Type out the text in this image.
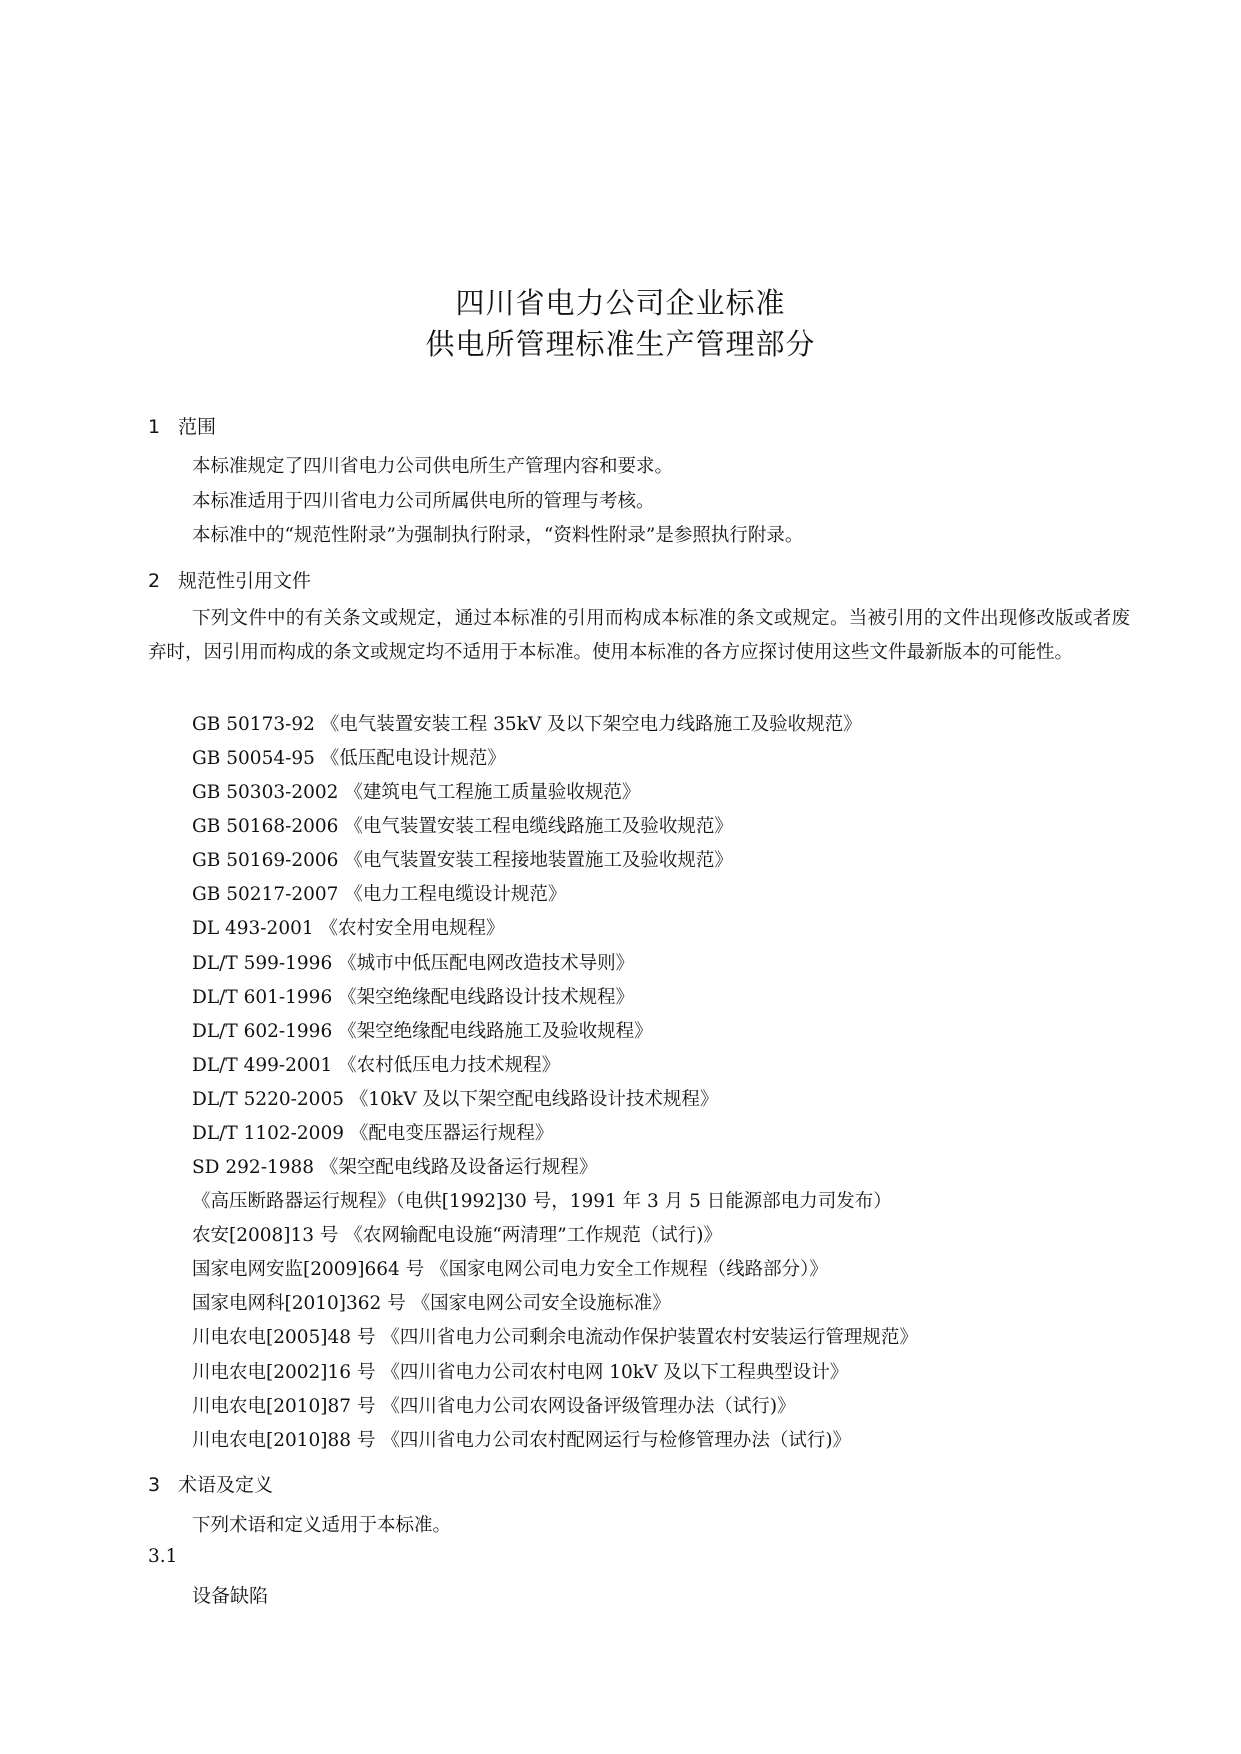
四川省电力公司企业标准
供电所管理标准生产管理部分
1 范围
本标准规定了四川省电力公司供电所生产管理内容和要求。
本标准适用于四川省电力公司所属供电所的管理与考核。
本标准中的“规范性附录”为强制执行附录，“资料性附录”是参照执行附录。
2 规范性引用文件
下列文件中的有关条文或规定，通过本标准的引用而构成本标准的条文或规定。当被引用的文件出现修改版或者废弃时，因引用而构成的条文或规定均不适用于本标准。使用本标准的各方应探讨使用这些文件最新版本的可能性。
GB 50173-92 《电气装置安装工程 35kV 及以下架空电力线路施工及验收规范》
GB 50054-95 《低压配电设计规范》
GB 50303-2002 《建筑电气工程施工质量验收规范》
GB 50168-2006 《电气装置安装工程电缆线路施工及验收规范》
GB 50169-2006 《电气装置安装工程接地装置施工及验收规范》
GB 50217-2007 《电力工程电缆设计规范》
DL 493-2001 《农村安全用电规程》
DL/T 599-1996 《城市中低压配电网改造技术导则》
DL/T 601-1996 《架空绝缘配电线路设计技术规程》
DL/T 602-1996 《架空绝缘配电线路施工及验收规程》
DL/T 499-2001 《农村低压电力技术规程》
DL/T 5220-2005 《10kV 及以下架空配电线路设计技术规程》
DL/T 1102-2009 《配电变压器运行规程》
SD 292-1988 《架空配电线路及设备运行规程》
《高压断路器运行规程》（电供[1992]30 号，1991 年 3 月 5 日能源部电力司发布）
农安[2008]13 号 《农网输配电设施“两清理”工作规范（试行)》
国家电网安监[2009]664 号 《国家电网公司电力安全工作规程（线路部分）》
国家电网科[2010]362 号 《国家电网公司安全设施标准》
川电农电[2005]48 号 《四川省电力公司剩余电流动作保护装置农村安装运行管理规范》
川电农电[2002]16 号 《四川省电力公司农村电网 10kV 及以下工程典型设计》
川电农电[2010]87 号 《四川省电力公司农网设备评级管理办法（试行)》
川电农电[2010]88 号 《四川省电力公司农村配网运行与检修管理办法（试行)》
3 术语及定义
下列术语和定义适用于本标准。
3.1
设备缺陷
